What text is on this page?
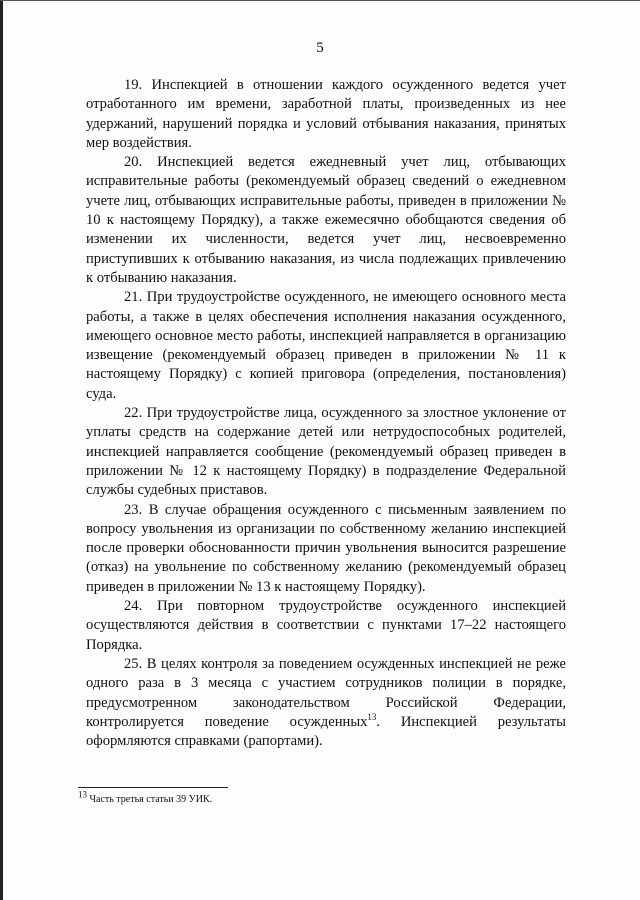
5

19. Инспекцией в отношении каждого осужденного ведется учет отработанного им времени, заработной платы, произведенных из нее удержаний, нарушений порядка и условий отбывания наказания, принятых мер воздействия.

20. Инспекцией ведется ежедневный учет лиц, отбывающих исправительные работы (рекомендуемый образец сведений о ежедневном учете лиц, отбывающих исправительные работы, приведен в приложении № 10 к настоящему Порядку), а также ежемесячно обобщаются сведения об изменении их численности, ведется учет лиц, несвоевременно приступивших к отбыванию наказания, из числа подлежащих привлечению к отбыванию наказания.

21. При трудоустройстве осужденного, не имеющего основного места работы, а также в целях обеспечения исполнения наказания осужденного, имеющего основное место работы, инспекцией направляется в организацию извещение (рекомендуемый образец приведен в приложении № 11 к настоящему Порядку) с копией приговора (определения, постановления) суда.

22. При трудоустройстве лица, осужденного за злостное уклонение от уплаты средств на содержание детей или нетрудоспособных родителей, инспекцией направляется сообщение (рекомендуемый образец приведен в приложении № 12 к настоящему Порядку) в подразделение Федеральной службы судебных приставов.

23. В случае обращения осужденного с письменным заявлением по вопросу увольнения из организации по собственному желанию инспекцией после проверки обоснованности причин увольнения выносится разрешение (отказ) на увольнение по собственному желанию (рекомендуемый образец приведен в приложении № 13 к настоящему Порядку).

24. При повторном трудоустройстве осужденного инспекцией осуществляются действия в соответствии с пунктами 17–22 настоящего Порядка.

25. В целях контроля за поведением осужденных инспекцией не реже одного раза в 3 месяца с участием сотрудников полиции в порядке, предусмотренном законодательством Российской Федерации, контролируется поведение осужденных$^{13}$. Инспекцией результаты оформляются справками (рапортами).

$^{13}$ Часть третья статьи 39 УИК.
